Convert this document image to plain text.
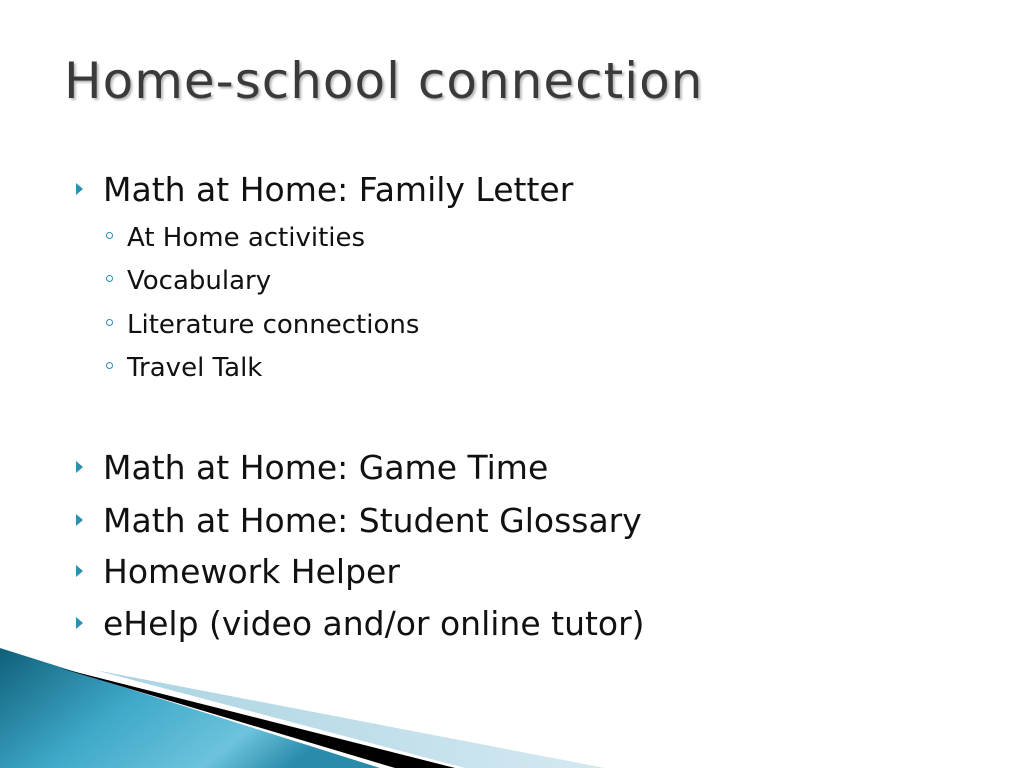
Home-school connection
Math at Home: Family Letter
At Home activities
Vocabulary
Literature connections
Travel Talk
Math at Home: Game Time
Math at Home: Student Glossary
Homework Helper
eHelp (video and/or online tutor)
